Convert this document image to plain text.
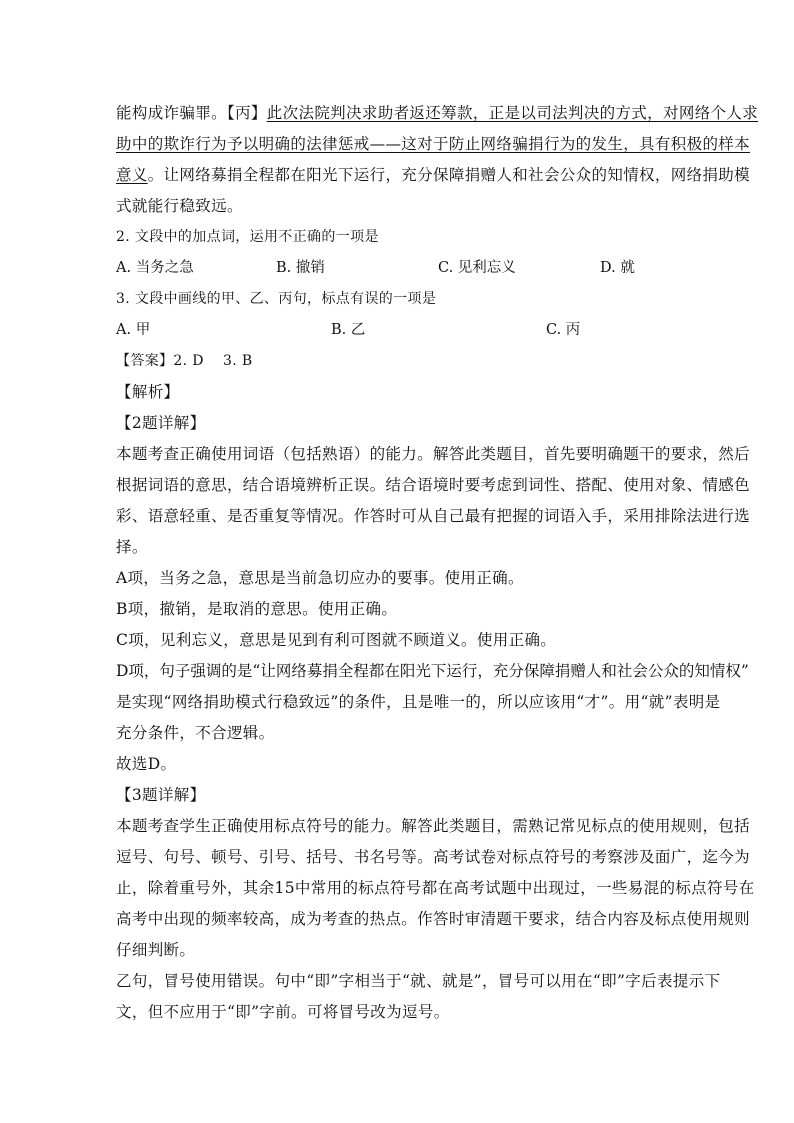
能构成诈骗罪。【丙】此次法院判决求助者返还筹款，正是以司法判决的方式，对网络个人求
助中的欺诈行为予以明确的法律惩戒——这对于防止网络骗捐行为的发生，具有积极的样本
意义。让网络募捐全程都在阳光下运行，充分保障捐赠人和社会公众的知情权，网络捐助模
式就能行稳致远。
2. 文段中的加点词，运用不正确的一项是
A. 当务之急	B. 撤销	C. 见利忘义	D. 就
3. 文段中画线的甲、乙、丙句，标点有误的一项是
A. 甲	B. 乙	C. 丙
【答案】2. D    3. B
【解析】
【2题详解】
本题考查正确使用词语（包括熟语）的能力。解答此类题目，首先要明确题干的要求，然后
根据词语的意思，结合语境辨析正误。结合语境时要考虑到词性、搭配、使用对象、情感色
彩、语意轻重、是否重复等情况。作答时可从自己最有把握的词语入手，采用排除法进行选
择。
A项，当务之急，意思是当前急切应办的要事。使用正确。
B项，撤销，是取消的意思。使用正确。
C项，见利忘义，意思是见到有利可图就不顾道义。使用正确。
D项，句子强调的是“让网络募捐全程都在阳光下运行，充分保障捐赠人和社会公众的知情权”
是实现“网络捐助模式行稳致远”的条件，且是唯一的，所以应该用“才”。用“就”表明是
充分条件，不合逻辑。
故选D。
【3题详解】
本题考查学生正确使用标点符号的能力。解答此类题目，需熟记常见标点的使用规则，包括
逗号、句号、顿号、引号、括号、书名号等。高考试卷对标点符号的考察涉及面广，迄今为
止，除着重号外，其余15中常用的标点符号都在高考试题中出现过，一些易混的标点符号在
高考中出现的频率较高，成为考查的热点。作答时审清题干要求，结合内容及标点使用规则
仔细判断。
乙句，冒号使用错误。句中“即”字相当于“就、就是”，冒号可以用在“即”字后表提示下
文，但不应用于“即”字前。可将冒号改为逗号。
